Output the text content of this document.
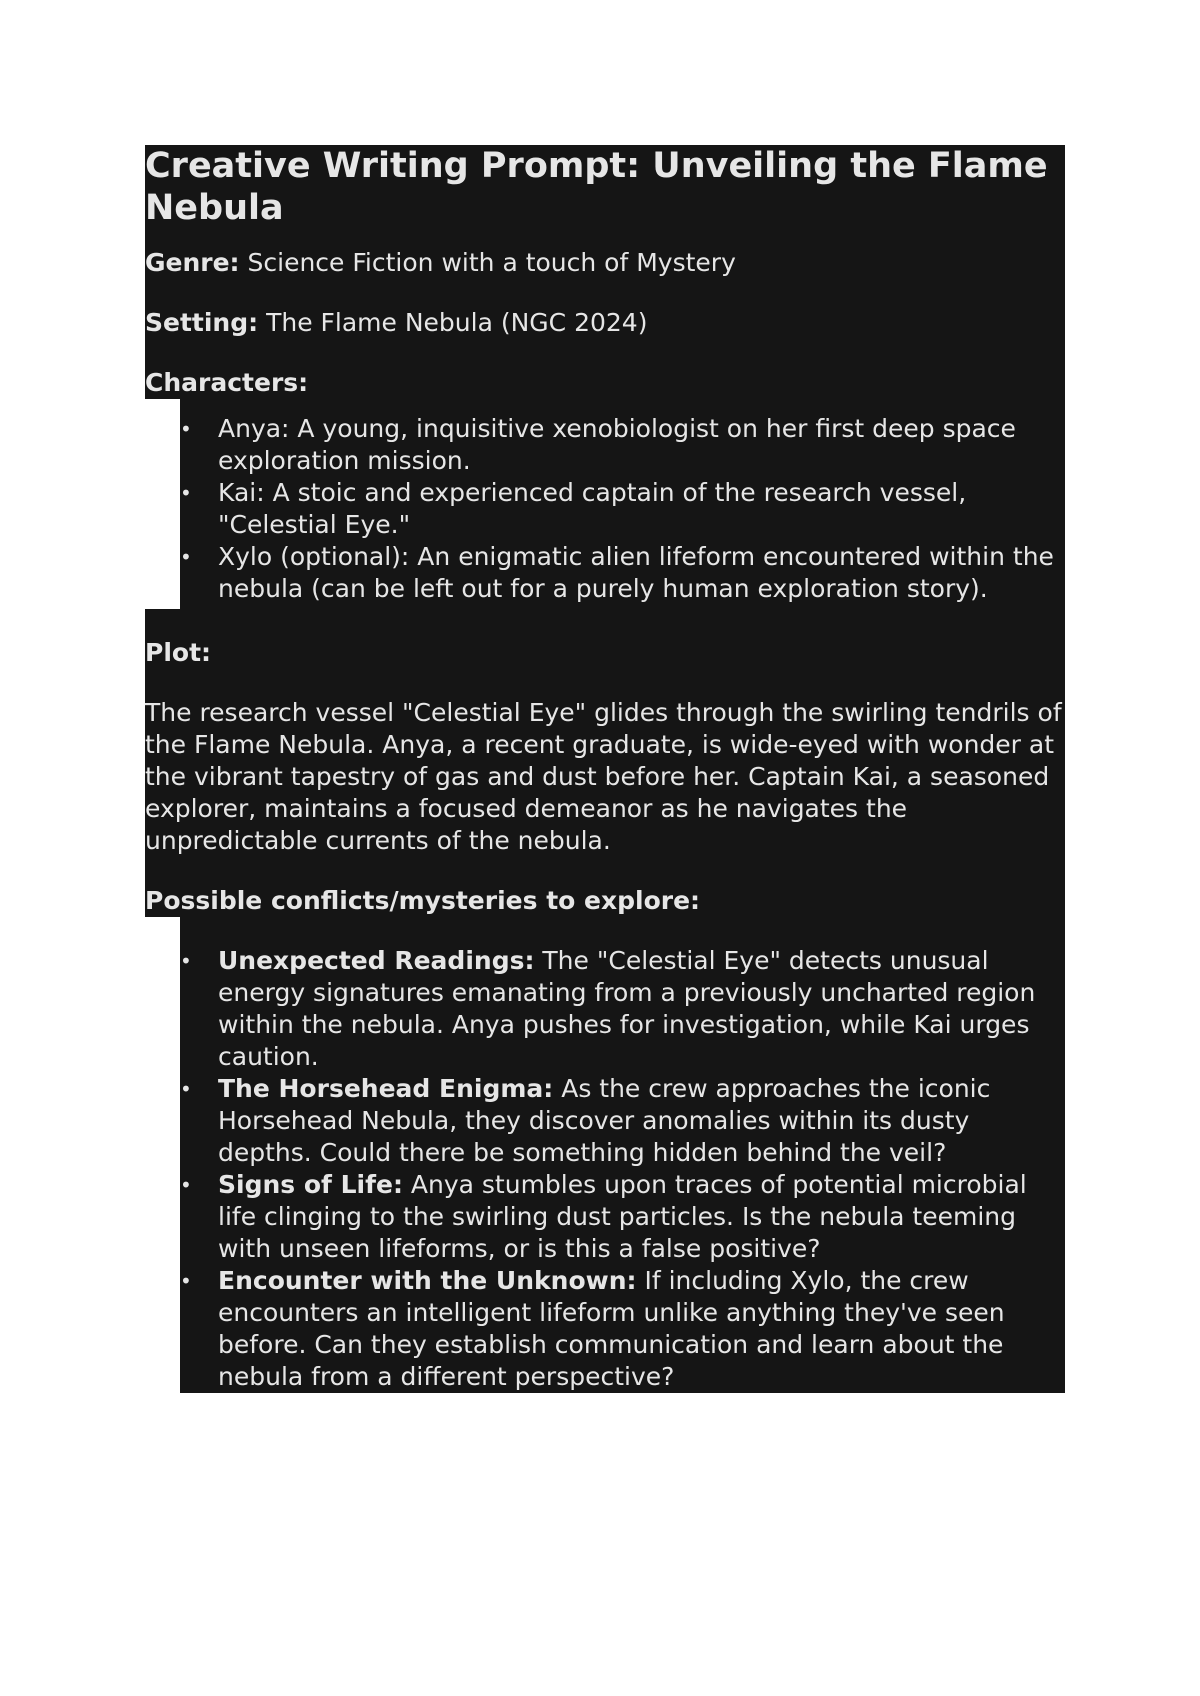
Creative Writing Prompt: Unveiling the Flame Nebula

Genre: Science Fiction with a touch of Mystery

Setting: The Flame Nebula (NGC 2024)

Characters:

• Anya: A young, inquisitive xenobiologist on her first deep space exploration mission.
• Kai: A stoic and experienced captain of the research vessel, "Celestial Eye."
• Xylo (optional): An enigmatic alien lifeform encountered within the nebula (can be left out for a purely human exploration story).

Plot:

The research vessel "Celestial Eye" glides through the swirling tendrils of the Flame Nebula. Anya, a recent graduate, is wide-eyed with wonder at the vibrant tapestry of gas and dust before her. Captain Kai, a seasoned explorer, maintains a focused demeanor as he navigates the unpredictable currents of the nebula.

Possible conflicts/mysteries to explore:

• Unexpected Readings: The "Celestial Eye" detects unusual energy signatures emanating from a previously uncharted region within the nebula. Anya pushes for investigation, while Kai urges caution.
• The Horsehead Enigma: As the crew approaches the iconic Horsehead Nebula, they discover anomalies within its dusty depths. Could there be something hidden behind the veil?
• Signs of Life: Anya stumbles upon traces of potential microbial life clinging to the swirling dust particles. Is the nebula teeming with unseen lifeforms, or is this a false positive?
• Encounter with the Unknown: If including Xylo, the crew encounters an intelligent lifeform unlike anything they've seen before. Can they establish communication and learn about the nebula from a different perspective?
